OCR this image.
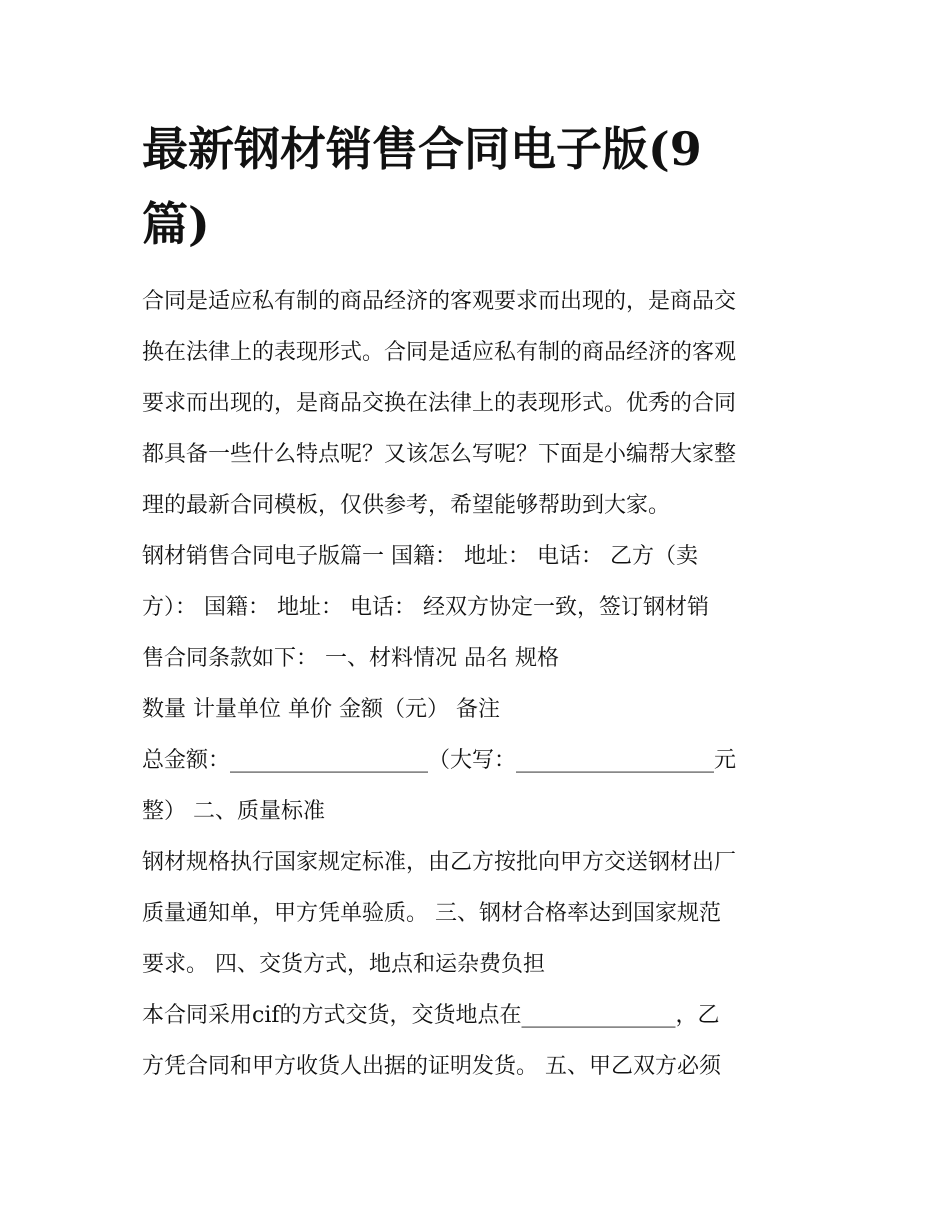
最新钢材销售合同电子版(9
篇)
合同是适应私有制的商品经济的客观要求而出现的，是商品交
换在法律上的表现形式。合同是适应私有制的商品经济的客观
要求而出现的，是商品交换在法律上的表现形式。优秀的合同
都具备一些什么特点呢？又该怎么写呢？下面是小编帮大家整
理的最新合同模板，仅供参考，希望能够帮助到大家。
钢材销售合同电子版篇一 国籍： 地址： 电话： 乙方（卖
方）： 国籍： 地址： 电话： 经双方协定一致，签订钢材销
售合同条款如下： 一、材料情况 品名 规格
数量 计量单位 单价 金额（元） 备注
总金额：__________________（大写：__________________元
整） 二、质量标准
钢材规格执行国家规定标准，由乙方按批向甲方交送钢材出厂
质量通知单，甲方凭单验质。 三、钢材合格率达到国家规范
要求。 四、交货方式，地点和运杂费负担
本合同采用cif的方式交货，交货地点在______________，乙
方凭合同和甲方收货人出据的证明发货。 五、甲乙双方必须
